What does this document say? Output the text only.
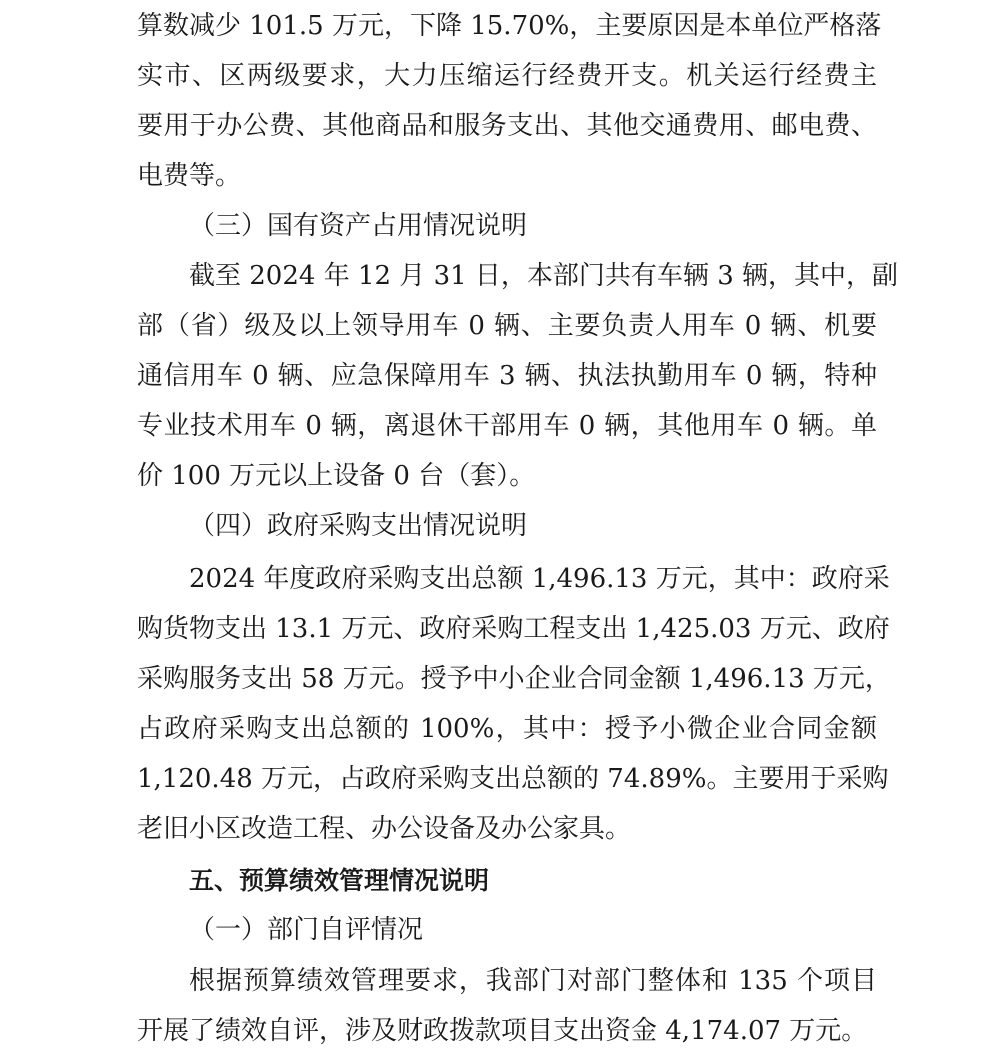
算数减少 101.5 万元，下降 15.70%，主要原因是本单位严格落
实市、区两级要求，大力压缩运行经费开支。机关运行经费主
要用于办公费、其他商品和服务支出、其他交通费用、邮电费、
电费等。
（三）国有资产占用情况说明
截至 2024 年 12 月 31 日，本部门共有车辆 3 辆，其中，副
部（省）级及以上领导用车 0 辆、主要负责人用车 0 辆、机要
通信用车 0 辆、应急保障用车 3 辆、执法执勤用车 0 辆，特种
专业技术用车 0 辆，离退休干部用车 0 辆，其他用车 0 辆。单
价 100 万元以上设备 0 台（套）。
（四）政府采购支出情况说明
2024 年度政府采购支出总额 1,496.13 万元，其中：政府采
购货物支出 13.1 万元、政府采购工程支出 1,425.03 万元、政府
采购服务支出 58 万元。授予中小企业合同金额 1,496.13 万元，
占政府采购支出总额的 100%，其中：授予小微企业合同金额
1,120.48 万元，占政府采购支出总额的 74.89%。主要用于采购
老旧小区改造工程、办公设备及办公家具。
五、预算绩效管理情况说明
（一）部门自评情况
根据预算绩效管理要求，我部门对部门整体和 135 个项目
开展了绩效自评，涉及财政拨款项目支出资金 4,174.07 万元。
